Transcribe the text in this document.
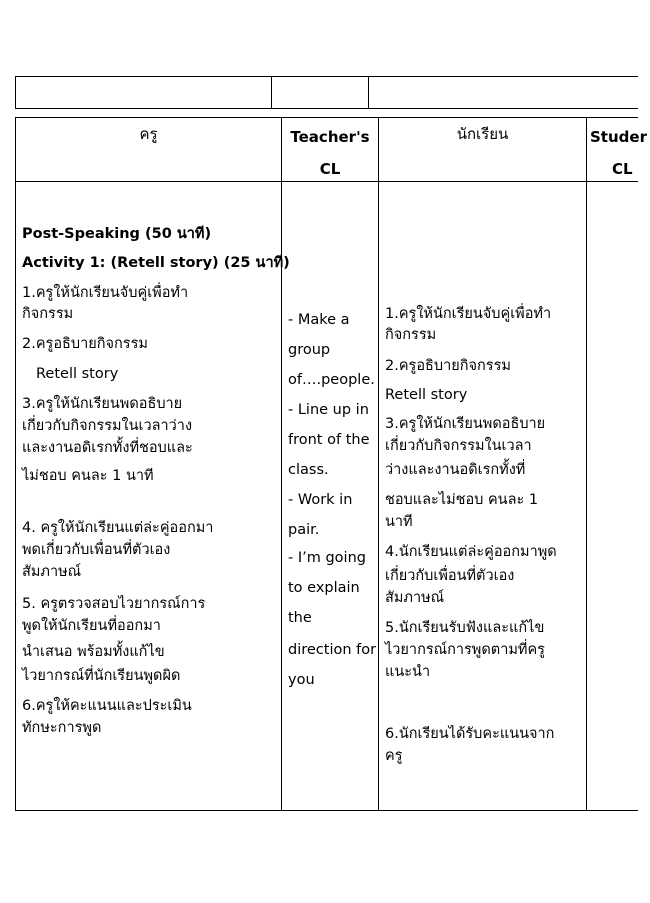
ครู	Teacher's
CL
นักเรียน	Studer
CL
Post-Speaking (50 นาที)
Activity 1: (Retell story) (25 นาที)
1.ครูให้นักเรียนจับคู่เพื่อทำ
กิจกรรม
2.ครูอธิบายกิจกรรม
Retell story
3.ครูให้นักเรียนพดอธิบาย
เกี่ยวกับกิจกรรมในเวลาว่าง
และงานอดิเรกทั้งที่ชอบและ
ไม่ชอบ คนละ 1 นาที
4. ครูให้นักเรียนแต่ล่ะคู่ออกมา
พดเกี่ยวกับเพื่อนที่ตัวเอง
สัมภาษณ์
5. ครูตรวจสอบไวยากรณ์การ
พูดให้นักเรียนที่ออกมา
นำเสนอ พร้อมทั้งแก้ไข
ไวยากรณ์ที่นักเรียนพูดผิด
6.ครูให้คะแนนและประเมิน
ทักษะการพูด
- Make a
group
of….people.
- Line up in
front of the
class.
- Work in
pair.
- I’m going
to explain
the
direction for
you
1.ครูให้นักเรียนจับคู่เพื่อทำ
กิจกรรม
2.ครูอธิบายกิจกรรม
Retell story
3.ครูให้นักเรียนพดอธิบาย
เกี่ยวกับกิจกรรมในเวลา
ว่างและงานอดิเรกทั้งที่
ชอบและไม่ชอบ คนละ 1
นาที
4.นักเรียนแต่ล่ะคู่ออกมาพูด
เกี่ยวกับเพื่อนที่ตัวเอง
สัมภาษณ์
5.นักเรียนรับฟังและแก้ไข
ไวยากรณ์การพูดตามที่ครู
แนะนำ
6.นักเรียนได้รับคะแนนจาก
ครู
